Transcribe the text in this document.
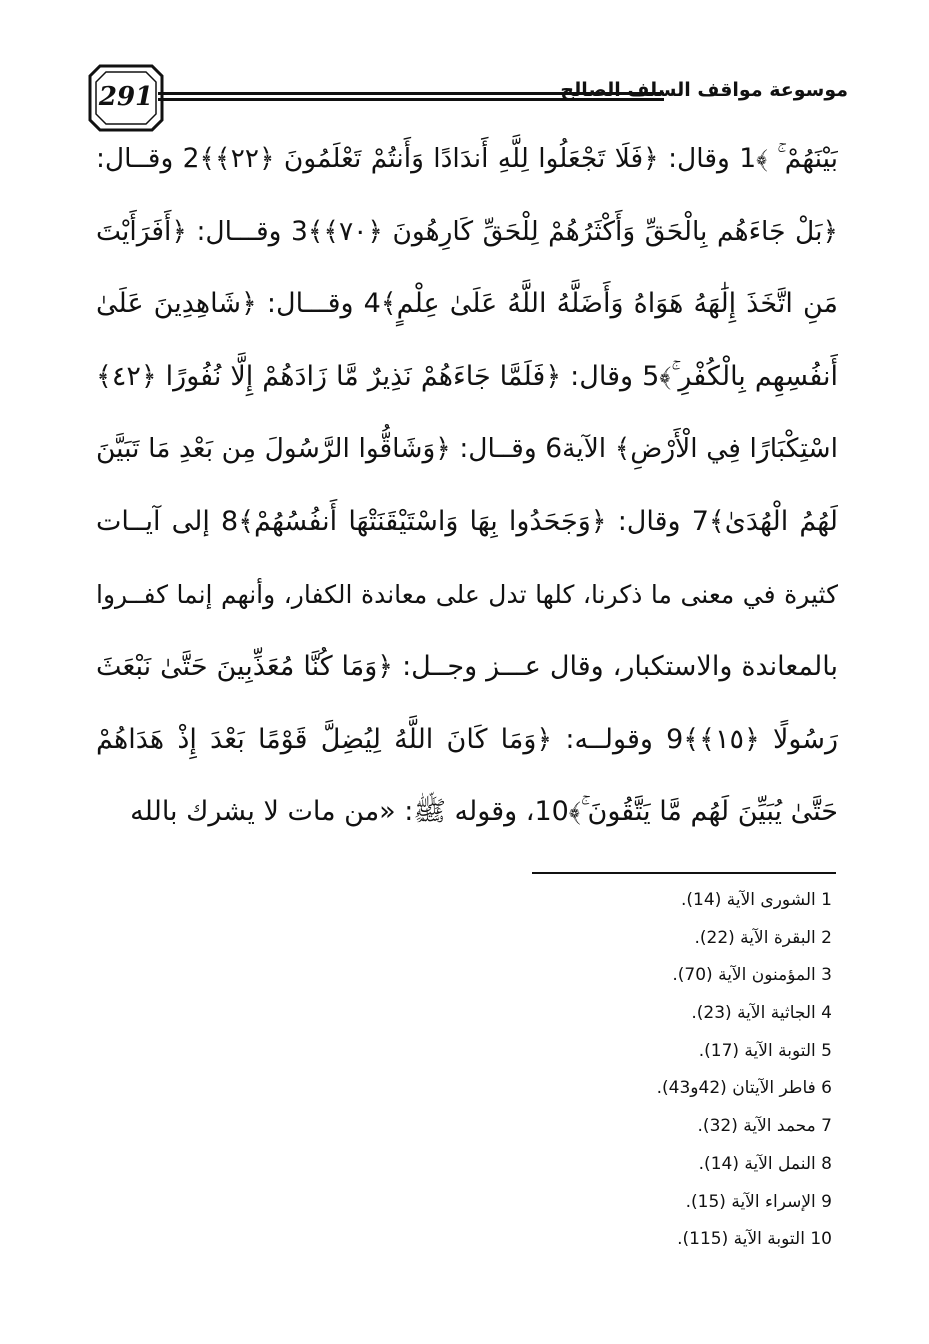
291	موسوعة مواقف السلف الصالح
بَيْنَهُمْ ۚ ﴾1 وقال: ﴿فَلَا تَجْعَلُوا لِلَّهِ أَندَادًا وَأَنتُمْ تَعْلَمُونَ ﴿٢٢﴾﴾2 وقــال:
﴿بَلْ جَاءَهُم بِالْحَقِّ وَأَكْثَرُهُمْ لِلْحَقِّ كَارِهُونَ ﴿٧٠﴾﴾3 وقـــال: ﴿أَفَرَأَيْتَ
مَنِ اتَّخَذَ إِلَٰهَهُ هَوَاهُ وَأَضَلَّهُ اللَّهُ عَلَىٰ عِلْمٍ﴾4 وقـــال: ﴿شَاهِدِينَ عَلَىٰ
أَنفُسِهِم بِالْكُفْرِ ۚ﴾5 وقال: ﴿فَلَمَّا جَاءَهُمْ نَذِيرٌ مَّا زَادَهُمْ إِلَّا نُفُورًا ﴿٤٢﴾
اسْتِكْبَارًا فِي الْأَرْضِ﴾ الآية6 وقــال: ﴿وَشَاقُّوا الرَّسُولَ مِن بَعْدِ مَا تَبَيَّنَ
لَهُمُ الْهُدَىٰ﴾7 وقال: ﴿وَجَحَدُوا بِهَا وَاسْتَيْقَنَتْهَا أَنفُسُهُمْ﴾8 إلى آيــات
كثيرة في معنى ما ذكرنا، كلها تدل على معاندة الكفار، وأنهم إنما كفــروا
بالمعاندة والاستكبار، وقال عـــز وجــل: ﴿وَمَا كُنَّا مُعَذِّبِينَ حَتَّىٰ نَبْعَثَ
رَسُولًا ﴿١٥﴾﴾9 وقولــه: ﴿وَمَا كَانَ اللَّهُ لِيُضِلَّ قَوْمًا بَعْدَ إِذْ هَدَاهُمْ
حَتَّىٰ يُبَيِّنَ لَهُم مَّا يَتَّقُونَ ۚ﴾10، وقوله ﷺ: «من مات لا يشرك بالله
1 الشورى الآية (14).
2 البقرة الآية (22).
3 المؤمنون الآية (70).
4 الجاثية الآية (23).
5 التوبة الآية (17).
6 فاطر الآيتان (42و43).
7 محمد الآية (32).
8 النمل الآية (14).
9 الإسراء الآية (15).
10 التوبة الآية (115).
